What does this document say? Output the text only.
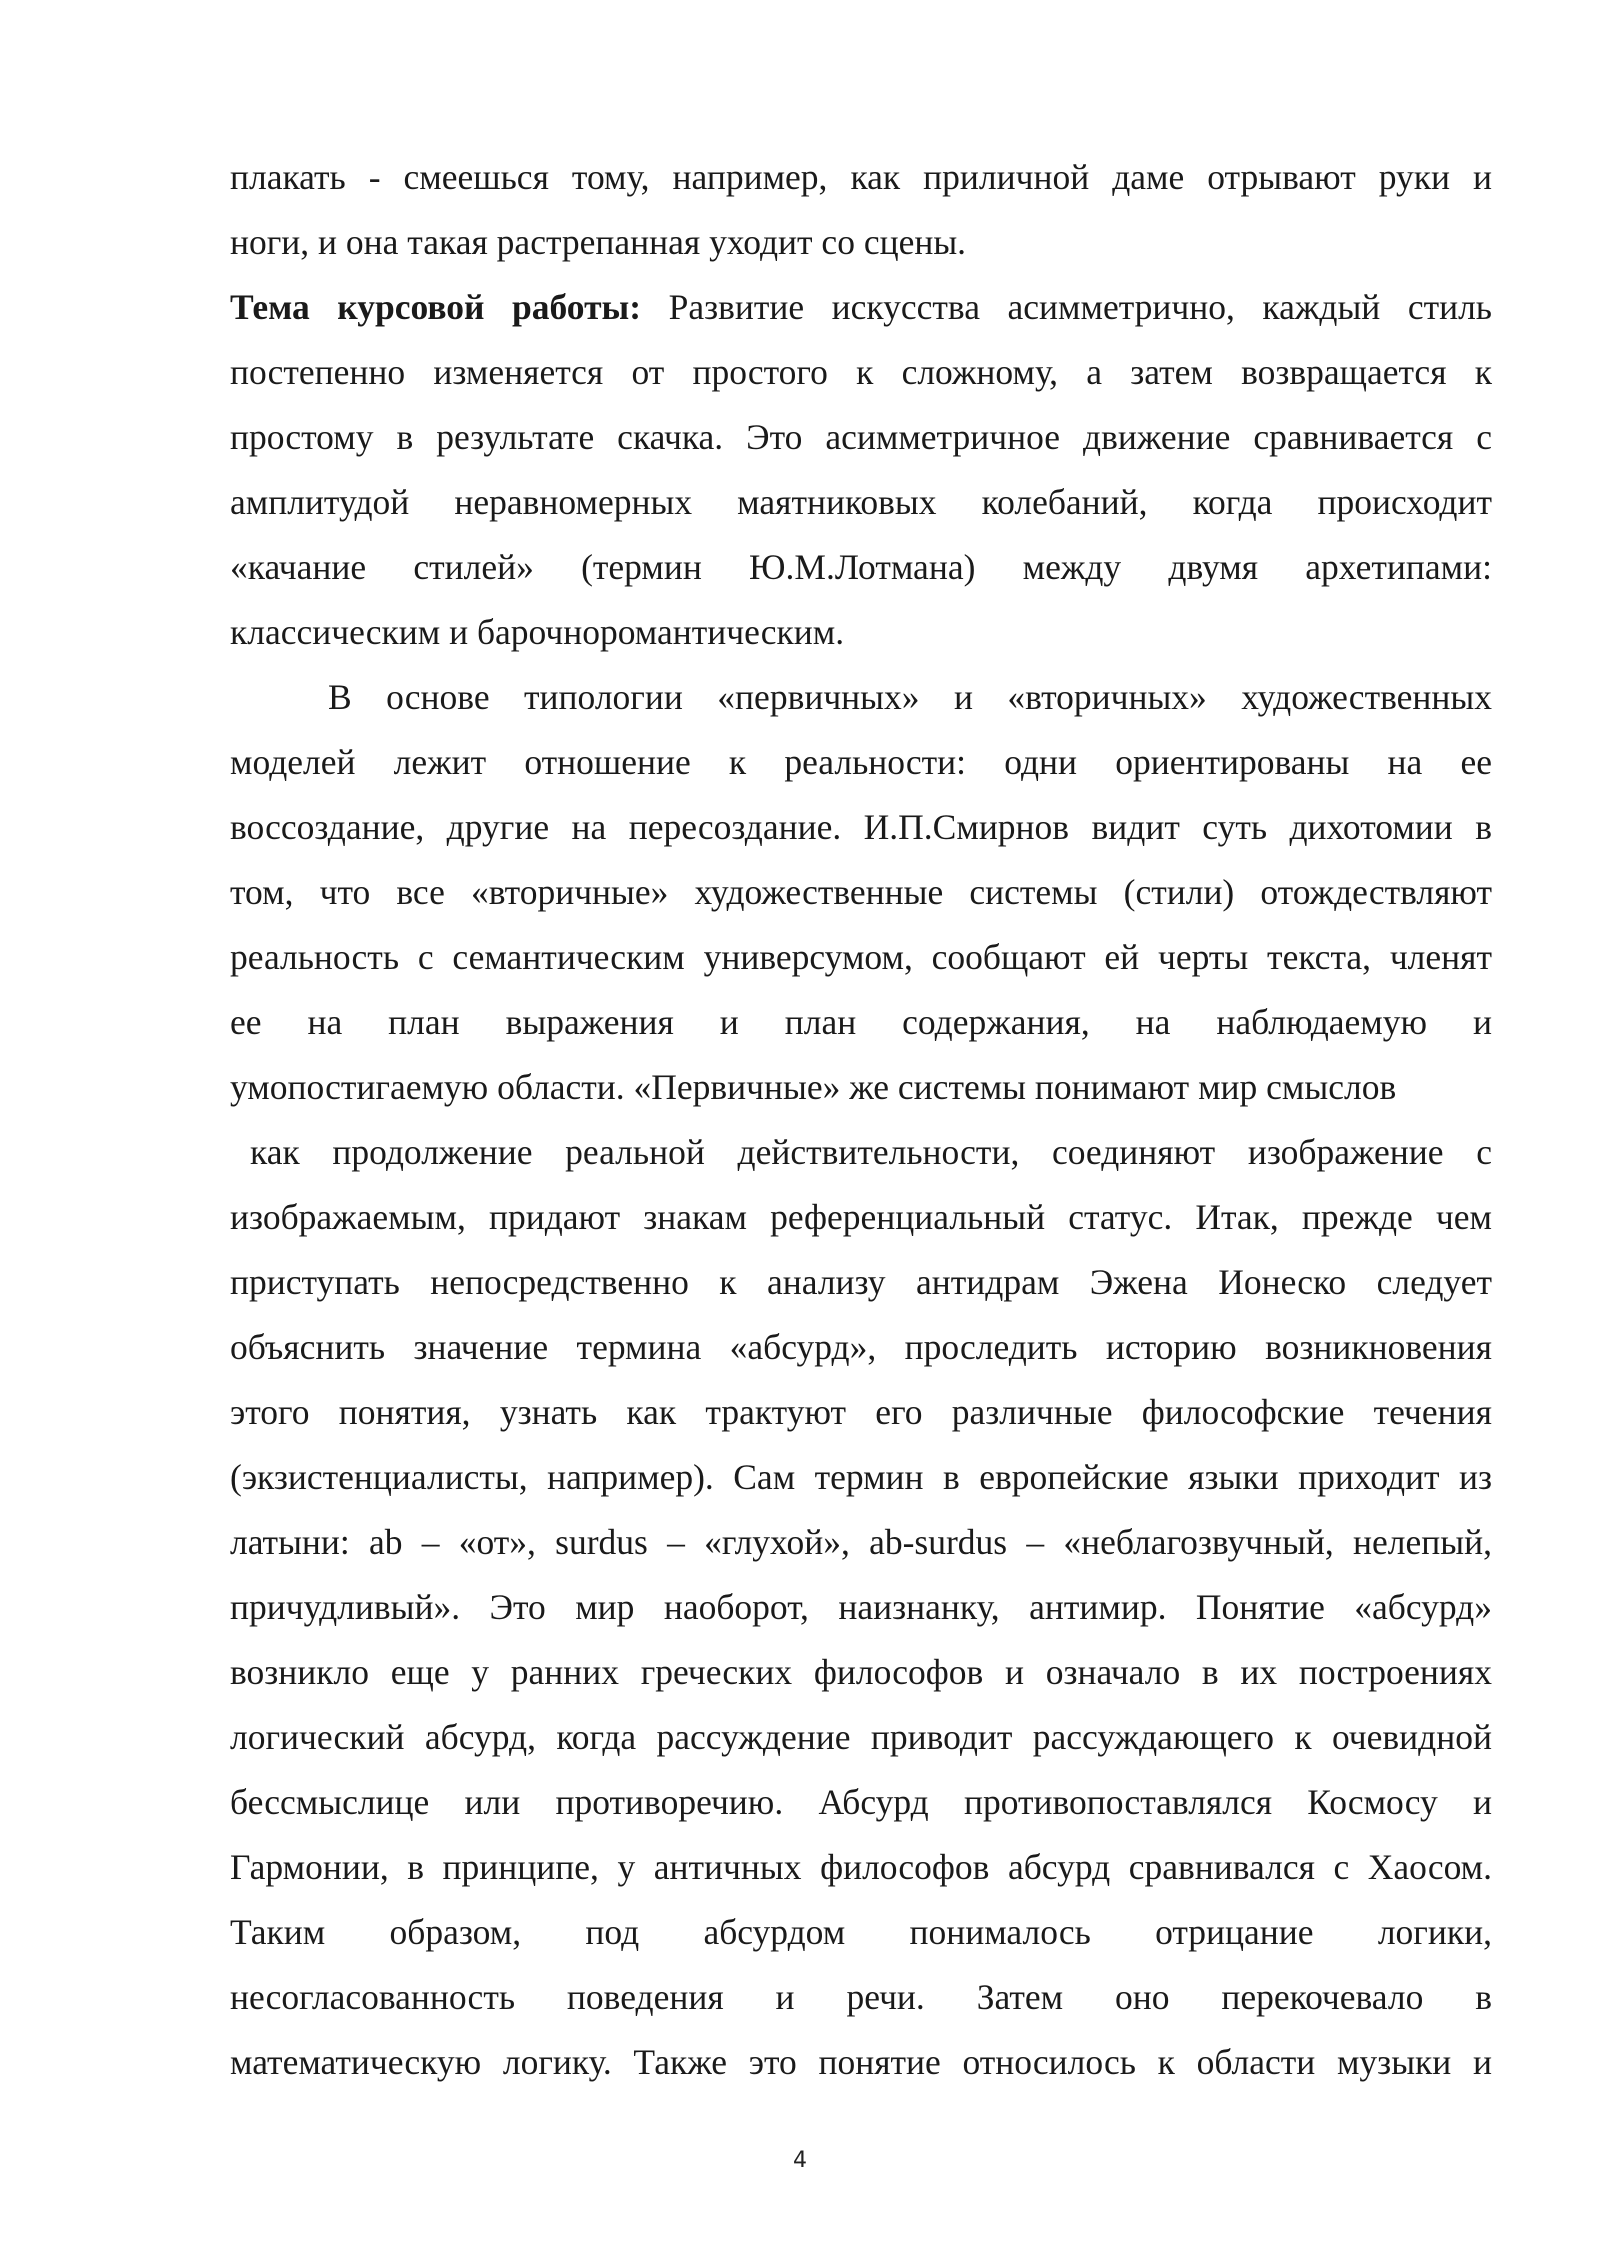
плакать - смеешься тому, например, как приличной даме отрывают руки и
ноги, и она такая растрепанная уходит со сцены.
Тема курсовой работы: Развитие искусства асимметрично, каждый стиль
постепенно изменяется от простого к сложному, а затем возвращается к
простому в результате скачка. Это асимметричное движение сравнивается с
амплитудой неравномерных маятниковых колебаний, когда происходит
«качание стилей» (термин Ю.М.Лотмана) между двумя архетипами:
классическим и барочноромантическим.
В основе типологии «первичных» и «вторичных» художественных
моделей лежит отношение к реальности: одни ориентированы на ее
воссоздание, другие на пересоздание. И.П.Смирнов видит суть дихотомии в
том, что все «вторичные» художественные системы (стили) отождествляют
реальность с семантическим универсумом, сообщают ей черты текста, членят
ее на план выражения и план содержания, на наблюдаемую и
умопостигаемую области. «Первичные» же системы понимают мир смыслов
как продолжение реальной действительности, соединяют изображение с
изображаемым, придают знакам референциальный статус. Итак, прежде чем
приступать непосредственно к анализу антидрам Эжена Ионеско следует
объяснить значение термина «абсурд», проследить историю возникновения
этого понятия, узнать как трактуют его различные философские течения
(экзистенциалисты, например). Сам термин в европейские языки приходит из
латыни: ab – «от», surdus – «глухой», ab-surdus – «неблагозвучный, нелепый,
причудливый». Это мир наоборот, наизнанку, антимир. Понятие «абсурд»
возникло еще у ранних греческих философов и означало в их построениях
логический абсурд, когда рассуждение приводит рассуждающего к очевидной
бессмыслице или противоречию. Абсурд противопоставлялся Космосу и
Гармонии, в принципе, у античных философов абсурд сравнивался с Хаосом.
Таким образом, под абсурдом понималось отрицание логики,
несогласованность поведения и речи. Затем оно перекочевало в
математическую логику. Также это понятие относилось к области музыки и
4
